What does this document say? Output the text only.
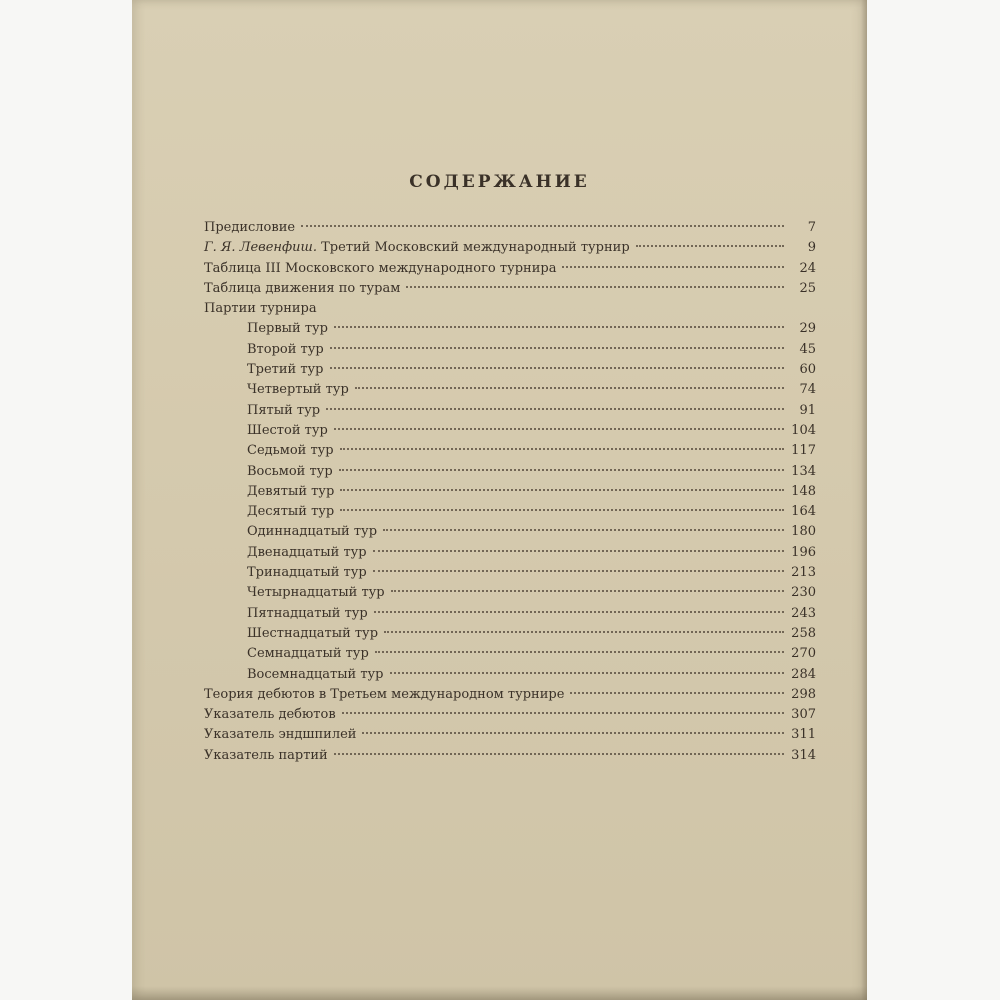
СОДЕРЖАНИЕ
Предисловие	7
Г. Я. Левенфиш. Третий Московский международный турнир	9
Таблица III Московского международного турнира	24
Таблица движения по турам	25
Партии турнира
Первый тур	29
Второй тур	45
Третий тур	60
Четвертый тур	74
Пятый тур	91
Шестой тур	104
Седьмой тур	117
Восьмой тур	134
Девятый тур	148
Десятый тур	164
Одиннадцатый тур	180
Двенадцатый тур	196
Тринадцатый тур	213
Четырнадцатый тур	230
Пятнадцатый тур	243
Шестнадцатый тур	258
Семнадцатый тур	270
Восемнадцатый тур	284
Теория дебютов в Третьем международном турнире	298
Указатель дебютов	307
Указатель эндшпилей	311
Указатель партий	314
